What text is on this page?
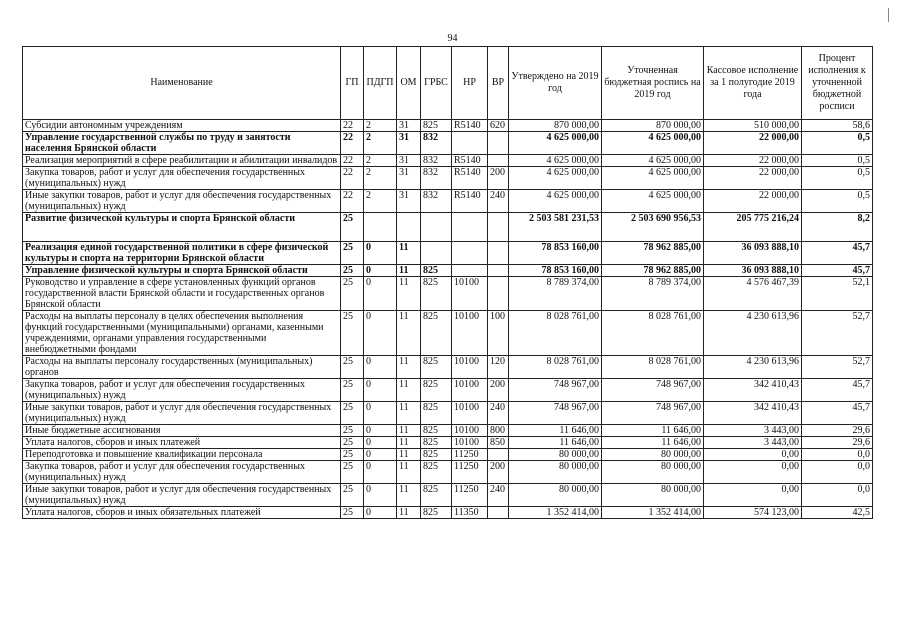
94
Наименование	ГП	ПДГП	ОМ	ГРБС	НР	ВР	Утверждено на 2019 год	Уточненная бюджетная роспись на 2019 год	Кассовое исполнение за 1 полугодие 2019 года	Процент исполнения к уточненной бюджетной росписи
Субсидии автономным учреждениям	22	2	31	825	R5140	620	870 000,00	870 000,00	510 000,00	58,6
Управление государственной службы по труду и занятости населения Брянской области	22	2	31	832			4 625 000,00	4 625 000,00	22 000,00	0,5
Реализация мероприятий в сфере реабилитации и абилитации инвалидов	22	2	31	832	R5140		4 625 000,00	4 625 000,00	22 000,00	0,5
Закупка товаров, работ и услуг для обеспечения государственных (муниципальных) нужд	22	2	31	832	R5140	200	4 625 000,00	4 625 000,00	22 000,00	0,5
Иные закупки товаров, работ и услуг для обеспечения государственных (муниципальных) нужд	22	2	31	832	R5140	240	4 625 000,00	4 625 000,00	22 000,00	0,5
Развитие физической культуры и спорта Брянской области	25						2 503 581 231,53	2 503 690 956,53	205 775 216,24	8,2
Реализация единой государственной политики в сфере физической культуры и спорта на территории Брянской области	25	0	11				78 853 160,00	78 962 885,00	36 093 888,10	45,7
Управление физической культуры и спорта Брянской области	25	0	11	825			78 853 160,00	78 962 885,00	36 093 888,10	45,7
Руководство и управление в сфере установленных функций органов государственной власти Брянской области и государственных органов Брянской области	25	0	11	825	10100		8 789 374,00	8 789 374,00	4 576 467,39	52,1
Расходы на выплаты персоналу в целях обеспечения выполнения функций государственными (муниципальными) органами, казенными учреждениями, органами управления государственными внебюджетными фондами	25	0	11	825	10100	100	8 028 761,00	8 028 761,00	4 230 613,96	52,7
Расходы на выплаты персоналу государственных (муниципальных) органов	25	0	11	825	10100	120	8 028 761,00	8 028 761,00	4 230 613,96	52,7
Закупка товаров, работ и услуг для обеспечения государственных (муниципальных) нужд	25	0	11	825	10100	200	748 967,00	748 967,00	342 410,43	45,7
Иные закупки товаров, работ и услуг для обеспечения государственных (муниципальных) нужд	25	0	11	825	10100	240	748 967,00	748 967,00	342 410,43	45,7
Иные бюджетные ассигнования	25	0	11	825	10100	800	11 646,00	11 646,00	3 443,00	29,6
Уплата налогов, сборов и иных платежей	25	0	11	825	10100	850	11 646,00	11 646,00	3 443,00	29,6
Переподготовка и повышение квалификации персонала	25	0	11	825	11250		80 000,00	80 000,00	0,00	0,0
Закупка товаров, работ и услуг для обеспечения государственных (муниципальных) нужд	25	0	11	825	11250	200	80 000,00	80 000,00	0,00	0,0
Иные закупки товаров, работ и услуг для обеспечения государственных (муниципальных) нужд	25	0	11	825	11250	240	80 000,00	80 000,00	0,00	0,0
Уплата налогов, сборов и иных обязательных платежей	25	0	11	825	11350		1 352 414,00	1 352 414,00	574 123,00	42,5
